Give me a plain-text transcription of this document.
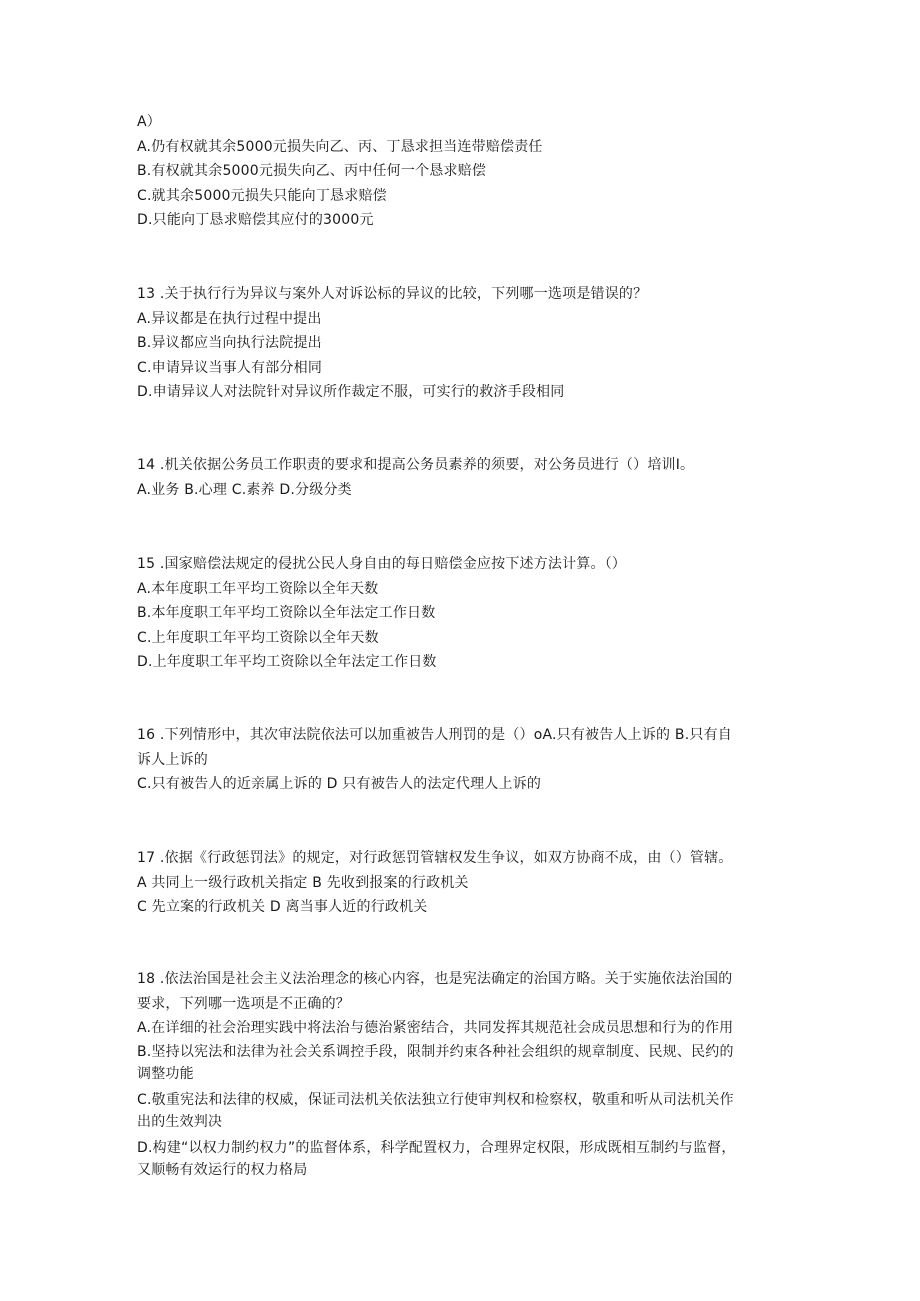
A）
A.仍有权就其余5000元损失向乙、丙、丁恳求担当连带赔偿责任
B.有权就其余5000元损失向乙、丙中任何一个恳求赔偿
C.就其余5000元损失只能向丁恳求赔偿
D.只能向丁恳求赔偿其应付的3000元
13 .关于执行行为异议与案外人对诉讼标的异议的比较，下列哪一选项是错误的？
A.异议都是在执行过程中提出
B.异议都应当向执行法院提出
C.申请异议当事人有部分相同
D.申请异议人对法院针对异议所作裁定不服，可实行的救济手段相同
14 .机关依据公务员工作职责的要求和提高公务员素养的须要，对公务员进行（）培训I。
A.业务 B.心理 C.素养 D.分级分类
15 .国家赔偿法规定的侵扰公民人身自由的每日赔偿金应按下述方法计算。（）
A.本年度职工年平均工资除以全年天数
B.本年度职工年平均工资除以全年法定工作日数
C.上年度职工年平均工资除以全年天数
D.上年度职工年平均工资除以全年法定工作日数
16 .下列情形中，其次审法院依法可以加重被告人刑罚的是（）oA.只有被告人上诉的 B.只有自
诉人上诉的
C.只有被告人的近亲属上诉的 D 只有被告人的法定代理人上诉的
17 .依据《行政惩罚法》的规定，对行政惩罚管辖权发生争议，如双方协商不成，由（）管辖。
A 共同上一级行政机关指定 B 先收到报案的行政机关
C 先立案的行政机关 D 离当事人近的行政机关
18 .依法治国是社会主义法治理念的核心内容，也是宪法确定的治国方略。关于实施依法治国的
要求，下列哪一选项是不正确的？
A.在详细的社会治理实践中将法治与德治紧密结合，共同发挥其规范社会成员思想和行为的作用
B.坚持以宪法和法律为社会关系调控手段，限制并约束各种社会组织的规章制度、民规、民约的
调整功能
C.敬重宪法和法律的权威，保证司法机关依法独立行使审判权和检察权，敬重和听从司法机关作
出的生效判决
D.构建“以权力制约权力”的监督体系，科学配置权力，合理界定权限，形成既相互制约与监督，
又顺畅有效运行的权力格局
